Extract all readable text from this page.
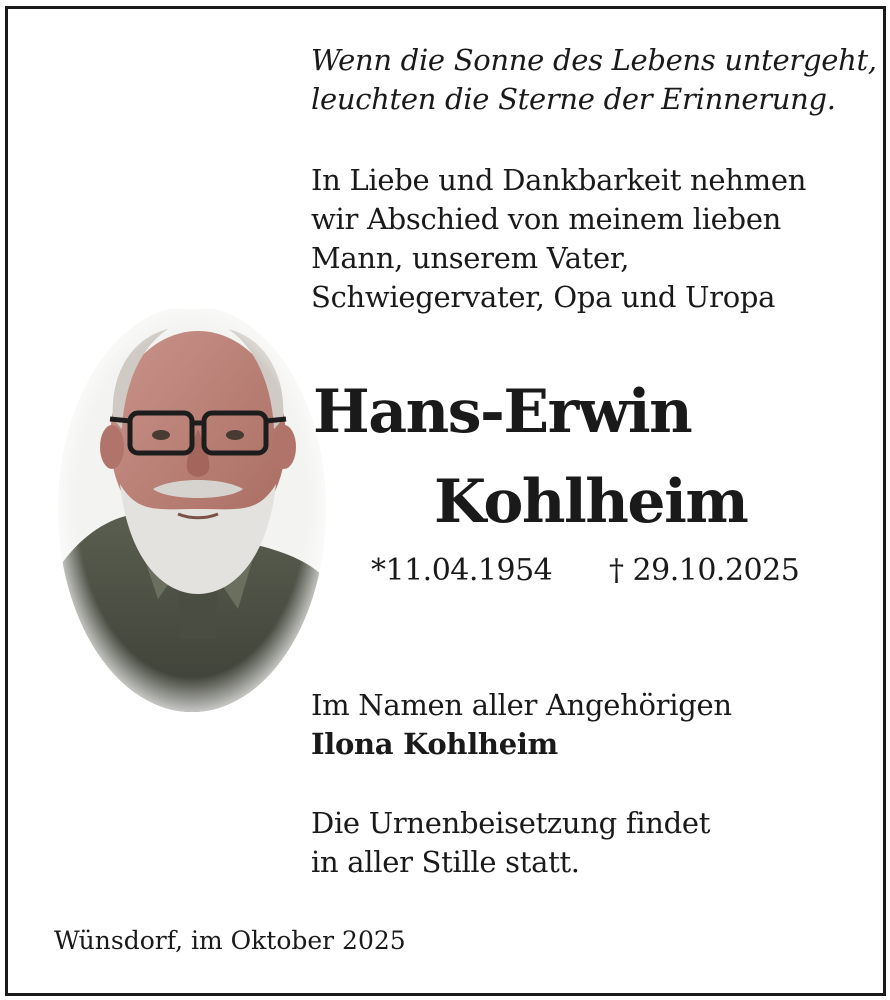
Wenn die Sonne des Lebens untergeht,
leuchten die Sterne der Erinnerung.

In Liebe und Dankbarkeit nehmen
wir Abschied von meinem lieben
Mann, unserem Vater,
Schwiegervater, Opa und Uropa

Hans-Erwin
Kohlheim
*11.04.1954 † 29.10.2025

Im Namen aller Angehörigen
Ilona Kohlheim

Die Urnenbeisetzung findet
in aller Stille statt.

Wünsdorf, im Oktober 2025
